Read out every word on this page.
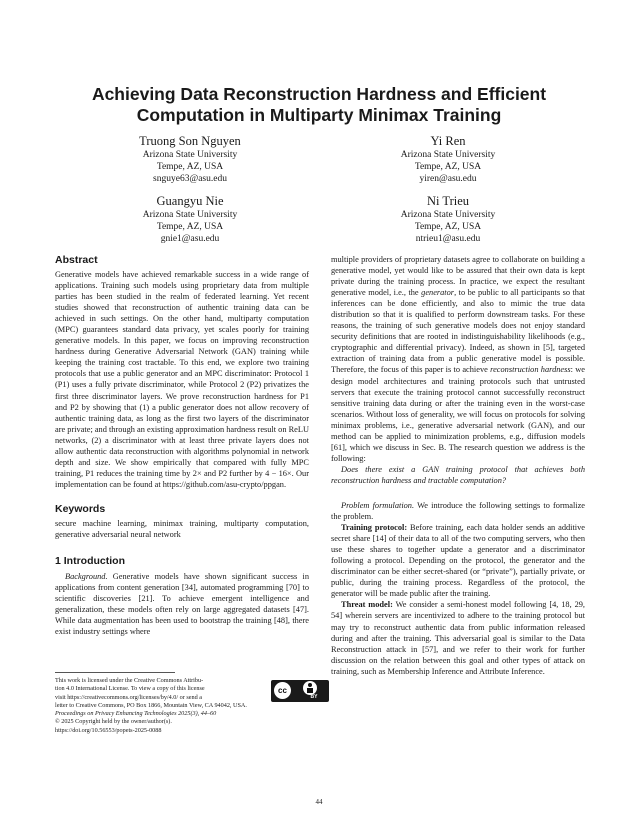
Achieving Data Reconstruction Hardness and Efficient
Computation in Multiparty Minimax Training
Truong Son Nguyen
Arizona State University
Tempe, AZ, USA
snguye63@asu.edu
Yi Ren
Arizona State University
Tempe, AZ, USA
yiren@asu.edu
Guangyu Nie
Arizona State University
Tempe, AZ, USA
gnie1@asu.edu
Ni Trieu
Arizona State University
Tempe, AZ, USA
ntrieu1@asu.edu
Abstract

Generative models have achieved remarkable success in a wide range of applications. Training such models using proprietary data from multiple parties has been studied in the realm of federated learning. Yet recent studies showed that reconstruction of authentic training data can be achieved in such settings. On the other hand, multiparty computation (MPC) guarantees standard data privacy, yet scales poorly for training generative models. In this paper, we focus on improving reconstruction hardness during Generative Adversarial Network (GAN) training while keeping the training cost tractable. To this end, we explore two training protocols that use a public generator and an MPC discriminator: Protocol 1 (P1) uses a fully private discriminator, while Protocol 2 (P2) privatizes the first three discriminator layers. We prove reconstruction hardness for P1 and P2 by showing that (1) a public generator does not allow recovery of authentic training data, as long as the first two layers of the discriminator are private; and through an existing approximation hardness result on ReLU networks, (2) a discriminator with at least three private layers does not allow authentic data reconstruction with algorithms polynomial in network depth and size. We show empirically that compared with fully MPC training, P1 reduces the training time by 2× and P2 further by 4 − 16×. Our implementation can be found at https://github.com/asu-crypto/ppgan.

Keywords

secure machine learning, minimax training, multiparty computation, generative adversarial neural network

1 Introduction

Background. Generative models have shown significant success in applications from content generation [34], automated programming [70] to scientific discoveries [21]. To achieve emergent intelligence and generalization, these models often rely on large aggregated datasets [47]. While data augmentation has been used to bootstrap the training [48], there exist industry settings where

multiple providers of proprietary datasets agree to collaborate on building a generative model, yet would like to be assured that their own data is kept private during the training process. In practice, we expect the resultant generative model, i.e., the generator, to be public to all participants so that inferences can be done efficiently, and also to mimic the true data distribution so that it is qualified to perform downstream tasks. For these reasons, the training of such generative models does not enjoy standard security definitions that are rooted in indistinguishability likelihoods (e.g., cryptographic and differential privacy). Indeed, as shown in [5], targeted extraction of training data from a public generative model is possible. Therefore, the focus of this paper is to achieve reconstruction hardness: we design model architectures and training protocols such that untrusted servers that execute the training protocol cannot successfully reconstruct sensitive training data during or after the training even in the worst-case scenarios. Without loss of generality, we will focus on protocols for solving minimax problems, i.e., generative adversarial network (GAN), and our method can be applied to minimization problems, e.g., diffusion models [61], which we discuss in Sec. B. The research question we address is the following:

Does there exist a GAN training protocol that achieves both reconstruction hardness and tractable computation?

Problem formulation. We introduce the following settings to formalize the problem.

Training protocol: Before training, each data holder sends an additive secret share [14] of their data to all of the two computing servers, who then use these shares to together update a generator and a discriminator following a protocol. Depending on the protocol, the generator and the discriminator can be either secret-shared (or “private”), partially private, or public, during the training process. Regardless of the protocol, the generator will be made public after the training.

Threat model: We consider a semi-honest model following [4, 18, 29, 54] wherein servers are incentivized to adhere to the training protocol but may try to reconstruct authentic data from public information released during and after the training. This adversarial goal is similar to the Data Reconstruction attack in [57], and we refer to their work for further discussion on the relation between this goal and other types of attack on training, such as Membership Inference and Attribute Inference.

This work is licensed under the Creative Commons Attribu-
tion 4.0 International License. To view a copy of this license
visit https://creativecommons.org/licenses/by/4.0/ or send a
letter to Creative Commons, PO Box 1866, Mountain View, CA 94042, USA.
Proceedings on Privacy Enhancing Technologies 2025(3), 44–60
© 2025 Copyright held by the owner/author(s).
https://doi.org/10.56553/popets-2025-0088
cc
BY
44
